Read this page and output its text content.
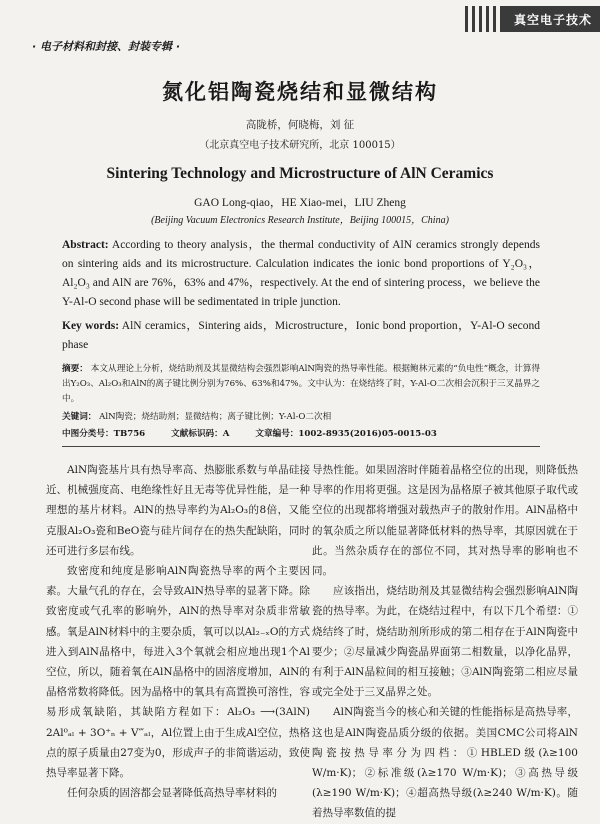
真空电子技术
· 电子材料和封接、封装专辑 ·
氮化铝陶瓷烧结和显微结构
高陇桥，何晓梅，刘 征
（北京真空电子技术研究所，北京 100015）
Sintering Technology and Microstructure of AlN Ceramics
GAO Long-qiao，HE Xiao-mei，LIU Zheng
(Beijing Vacuum Electronics Research Institute，Beijing 100015，China)
Abstract: According to theory analysis，the thermal conductivity of AlN ceramics strongly depends on sintering aids and its microstructure. Calculation indicates the ionic bond proportions of Y₂O₃，Al₂O₃ and AlN are 76%，63% and 47%，respectively. At the end of sintering process，we believe the Y-Al-O second phase will be sedimentated in triple junction.
Key words: AlN ceramics，Sintering aids，Microstructure，Ionic bond proportion，Y-Al-O second phase
摘要： 本文从理论上分析，烧结助剂及其显微结构会强烈影响AlN陶瓷的热导率性能。根据鲍林元素的“负电性”概念，计算得出Y₂O₃、Al₂O₃和AlN的离子键比例分别为76%、63%和47%。文中认为：在烧结终了时，Y-Al-O二次相会沉积于三叉晶界之中。
关键词： AlN陶瓷；烧结助剂；显微结构；离子键比例；Y-Al-O二次相
中图分类号：TB756	文献标识码：A	文章编号：1002-8935(2016)05-0015-03

AlN陶瓷基片具有热导率高、热膨胀系数与单晶硅接近、机械强度高、电绝缘性好且无毒等优异性能，是一种理想的基片材料。AlN的热导率约为Al₂O₃的8倍，又能克服Al₂O₃瓷和BeO瓷与硅片间存在的热失配缺陷，同时还可进行多层布线。

致密度和纯度是影响AlN陶瓷热导率的两个主要因素。大量气孔的存在，会导致AlN热导率的显著下降。除致密度或气孔率的影响外，AlN的热导率对杂质非常敏感。氧是AlN材料中的主要杂质，氧可以以Al₂₋ₓO的方式进入到AlN晶格中，每进入3个氧就会相应地出现1个Al空位，所以，随着氧在AlN晶格中的固溶度增加，AlN的晶格常数将降低。因为晶格中的氧具有高置换可溶性，容易形成氧缺陷，其缺陷方程如下：Al₂O₃ ⟶(3AlN) 2Al⁰ₐₗ + 3O⁺ₙ + V‴ₐₗ，Al位置上由于生成Al空位，热格点的原子质量由27变为0，形成声子的非简谐运动，致使热导率显著下降。

任何杂质的固溶都会显著降低高热导率材料的

导热性能。如果固溶时伴随着晶格空位的出现，则降低热导率的作用将更强。这是因为晶格原子被其他原子取代或空位的出现都将增强对载热声子的散射作用。AlN晶格中的氧杂质之所以能显著降低材料的热导率，其原因就在于此。当然杂质存在的部位不同，其对热导率的影响也不同。

应该指出，烧结助剂及其显微结构会强烈影响AlN陶瓷的热导率。为此，在烧结过程中，有以下几个希望：①烧结终了时，烧结助剂所形成的第二相存在于AlN陶瓷中要少；②尽量减少陶瓷晶界面第二相数量，以净化晶界，有利于AlN晶粒间的相互接触；③AlN陶瓷第二相应尽量或完全处于三叉晶界之处。

AlN陶瓷当今的核心和关键的性能指标是高热导率，这也是AlN陶瓷品质分级的依据。美国CMC公司将AlN陶瓷按热导率分为四档：①HBLED级(λ≥100 W/m·K)；②标准级(λ≥170 W/m·K)；③高热导级(λ≥190 W/m·K)；④超高热导级(λ≥240 W/m·K)。随着热导率数值的提
